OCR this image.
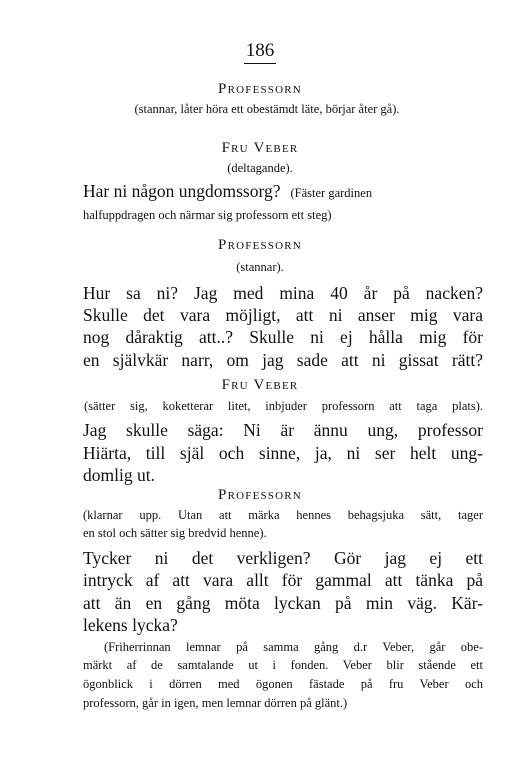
186
Professorn
(stannar, låter höra ett obestämdt läte, börjar åter gå).
Fru Veber
(deltagande).
Har ni någon ungdomssorg? (Fäster gardinen
halfuppdragen och närmar sig professorn ett steg)
Professorn
(stannar).
Hur sa ni? Jag med mina 40 år på nacken?
Skulle det vara möjligt, att ni anser mig vara
nog dåraktig att..? Skulle ni ej hålla mig för
en självkär narr, om jag sade att ni gissat rätt?
Fru Veber
(sätter sig, koketterar litet, inbjuder professorn att taga plats).
Jag skulle säga: Ni är ännu ung, professor
Hiärta, till själ och sinne, ja, ni ser helt ung-
domlig ut.
Professorn
(klarnar upp. Utan att märka hennes behagsjuka sätt, tager
en stol och sätter sig bredvid henne).
Tycker ni det verkligen? Gör jag ej ett
intryck af att vara allt för gammal att tänka på
att än en gång möta lyckan på min väg. Kär-
lekens lycka?
(Friherrinnan lemnar på samma gång d.r Veber, går obe-
märkt af de samtalande ut i fonden. Veber blir stående ett
ögonblick i dörren med ögonen fästade på fru Veber och
professorn, går in igen, men lemnar dörren på glänt.)
